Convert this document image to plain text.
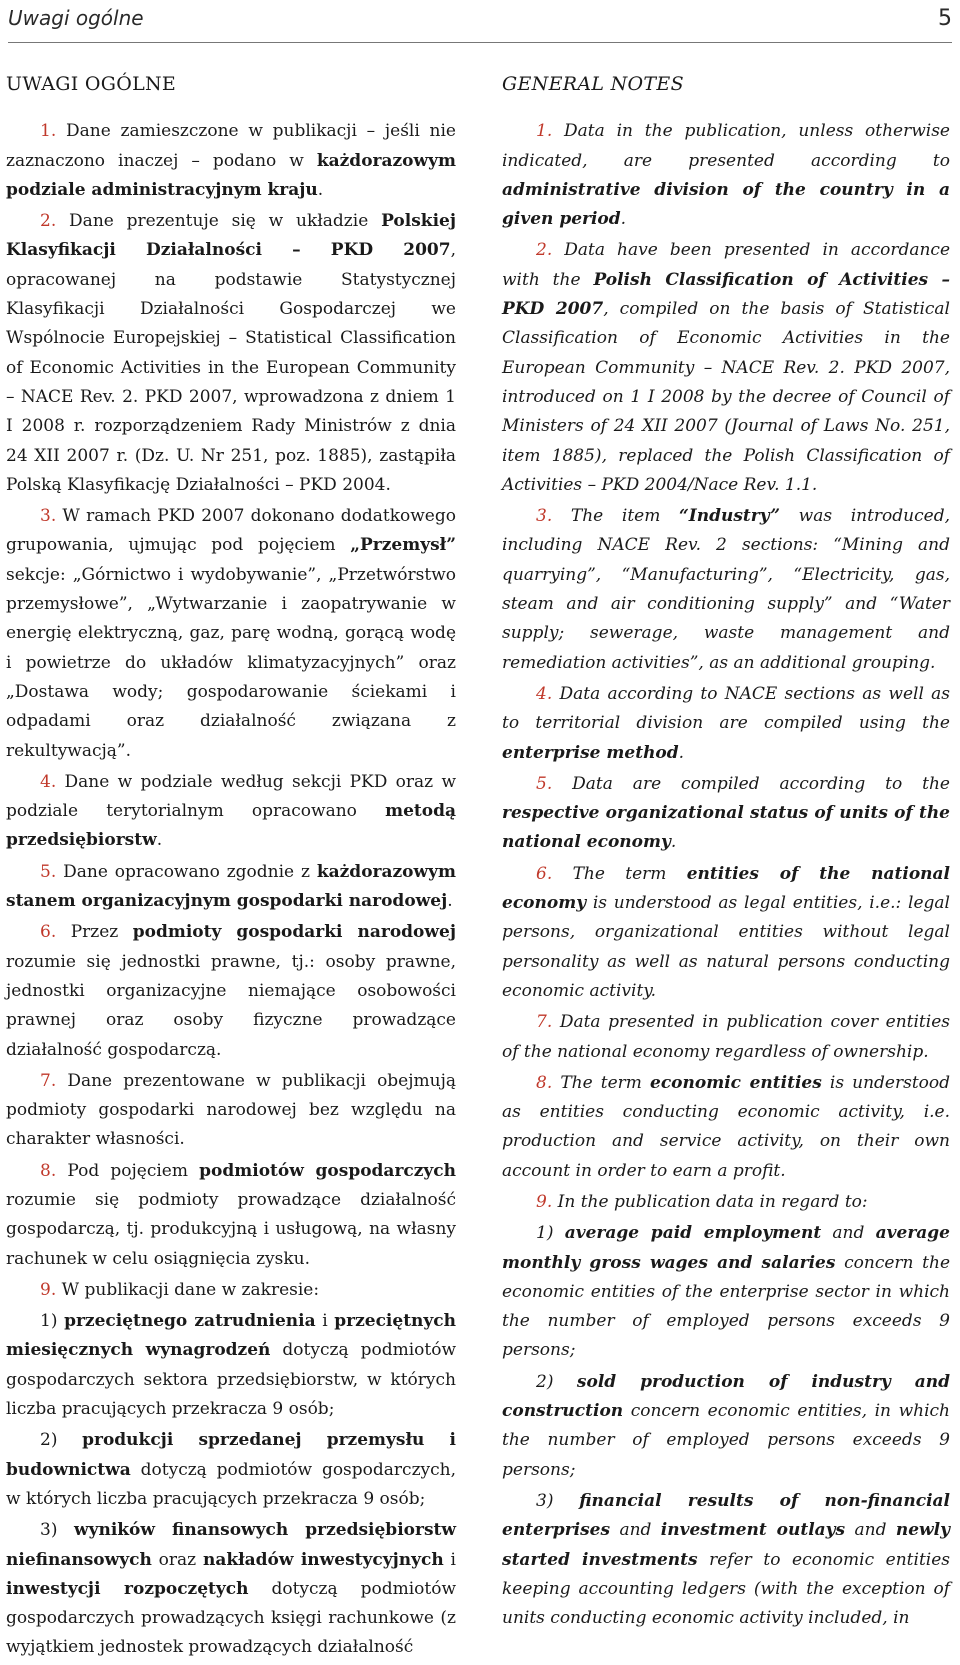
Uwagi ogólne	5
UWAGI OGÓLNE

1. Dane zamieszczone w publikacji – jeśli nie zaznaczono inaczej – podano w każdorazowym podziale administracyjnym kraju.

2. Dane prezentuje się w układzie Polskiej Klasyfikacji Działalności – PKD 2007, opracowanej na podstawie Statystycznej Klasyfikacji Działalności Gospodarczej we Wspólnocie Europejskiej – Statistical Classification of Economic Activities in the European Community – NACE Rev. 2. PKD 2007, wprowadzona z dniem 1 I 2008 r. rozporządzeniem Rady Ministrów z dnia 24 XII 2007 r. (Dz. U. Nr 251, poz. 1885), zastąpiła Polską Klasyfikację Działalności – PKD 2004.

3. W ramach PKD 2007 dokonano dodatkowego grupowania, ujmując pod pojęciem „Przemysł” sekcje: „Górnictwo i wydobywanie”, „Przetwórstwo przemysłowe”, „Wytwarzanie i zaopatrywanie w energię elektryczną, gaz, parę wodną, gorącą wodę i powietrze do układów klimatyzacyjnych” oraz „Dostawa wody; gospodarowanie ściekami i odpadami oraz działalność związana z rekultywacją”.

4. Dane w podziale według sekcji PKD oraz w podziale terytorialnym opracowano metodą przedsiębiorstw.

5. Dane opracowano zgodnie z każdorazowym stanem organizacyjnym gospodarki narodowej.

6. Przez podmioty gospodarki narodowej rozumie się jednostki prawne, tj.: osoby prawne, jednostki organizacyjne niemające osobowości prawnej oraz osoby fizyczne prowadzące działalność gospodarczą.

7. Dane prezentowane w publikacji obejmują podmioty gospodarki narodowej bez względu na charakter własności.

8. Pod pojęciem podmiotów gospodarczych rozumie się podmioty prowadzące działalność gospodarczą, tj. produkcyjną i usługową, na własny rachunek w celu osiągnięcia zysku.

9. W publikacji dane w zakresie:

1) przeciętnego zatrudnienia i przeciętnych miesięcznych wynagrodzeń dotyczą podmiotów gospodarczych sektora przedsiębiorstw, w których liczba pracujących przekracza 9 osób;

2) produkcji sprzedanej przemysłu i budownictwa dotyczą podmiotów gospodarczych, w których liczba pracujących przekracza 9 osób;

3) wyników finansowych przedsiębiorstw niefinansowych oraz nakładów inwestycyjnych i inwestycji rozpoczętych dotyczą podmiotów gospodarczych prowadzących księgi rachunkowe (z wyjątkiem jednostek prowadzących działalność

GENERAL NOTES

1. Data in the publication, unless otherwise indicated, are presented according to administrative division of the country in a given period.

2. Data have been presented in accordance with the Polish Classification of Activities – PKD 2007, compiled on the basis of Statistical Classification of Economic Activities in the European Community – NACE Rev. 2. PKD 2007, introduced on 1 I 2008 by the decree of Council of Ministers of 24 XII 2007 (Journal of Laws No. 251, item 1885), replaced the Polish Classification of Activities – PKD 2004/Nace Rev. 1.1.

3. The item “Industry” was introduced, including NACE Rev. 2 sections: “Mining and quarrying”, “Manufacturing”, “Electricity, gas, steam and air conditioning supply” and “Water supply; sewerage, waste management and remediation activities”, as an additional grouping.

4. Data according to NACE sections as well as to territorial division are compiled using the enterprise method.

5. Data are compiled according to the respective organizational status of units of the national economy.

6. The term entities of the national economy is understood as legal entities, i.e.: legal persons, organizational entities without legal personality as well as natural persons conducting economic activity.

7. Data presented in publication cover entities of the national economy regardless of ownership.

8. The term economic entities is understood as entities conducting economic activity, i.e. production and service activity, on their own account in order to earn a profit.

9. In the publication data in regard to:

1) average paid employment and average monthly gross wages and salaries concern the economic entities of the enterprise sector in which the number of employed persons exceeds 9 persons;

2) sold production of industry and construction concern economic entities, in which the number of employed persons exceeds 9 persons;

3) financial results of non-financial enterprises and investment outlays and newly started investments refer to economic entities keeping accounting ledgers (with the exception of units conducting economic activity included, in
